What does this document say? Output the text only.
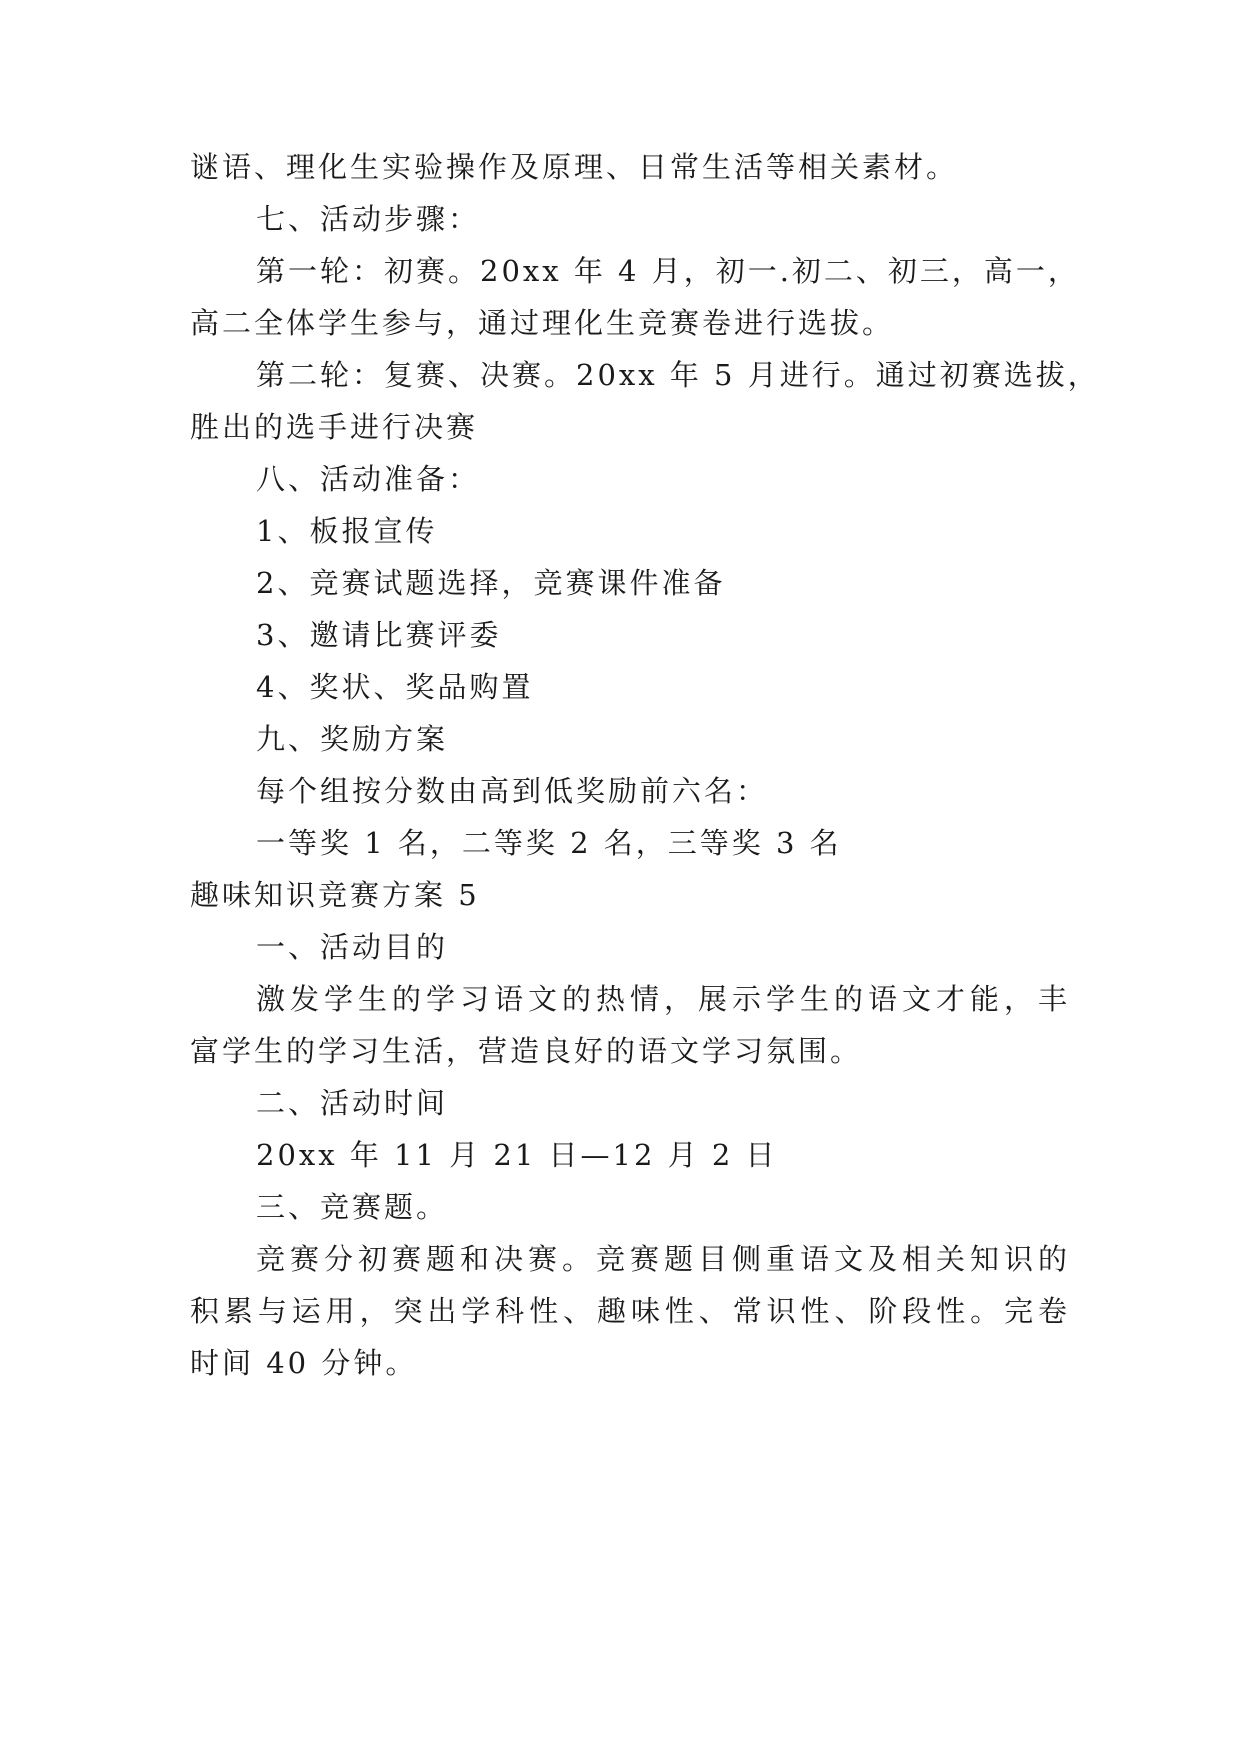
谜语、理化生实验操作及原理、日常生活等相关素材。
七、活动步骤：
第一轮：初赛。20xx 年 4 月，初一.初二、初三，高一，
高二全体学生参与，通过理化生竞赛卷进行选拔。
第二轮：复赛、决赛。20xx 年 5 月进行。通过初赛选拔，
胜出的选手进行决赛
八、活动准备：
1、板报宣传
2、竞赛试题选择，竞赛课件准备
3、邀请比赛评委
4、奖状、奖品购置
九、奖励方案
每个组按分数由高到低奖励前六名：
一等奖 1 名，二等奖 2 名，三等奖 3 名
趣味知识竞赛方案 5
一、活动目的
激发学生的学习语文的热情，展示学生的语文才能，丰
富学生的学习生活，营造良好的语文学习氛围。
二、活动时间
20xx 年 11 月 21 日—12 月 2 日
三、竞赛题。
竞赛分初赛题和决赛。竞赛题目侧重语文及相关知识的
积累与运用，突出学科性、趣味性、常识性、阶段性。完卷
时间 40 分钟。
